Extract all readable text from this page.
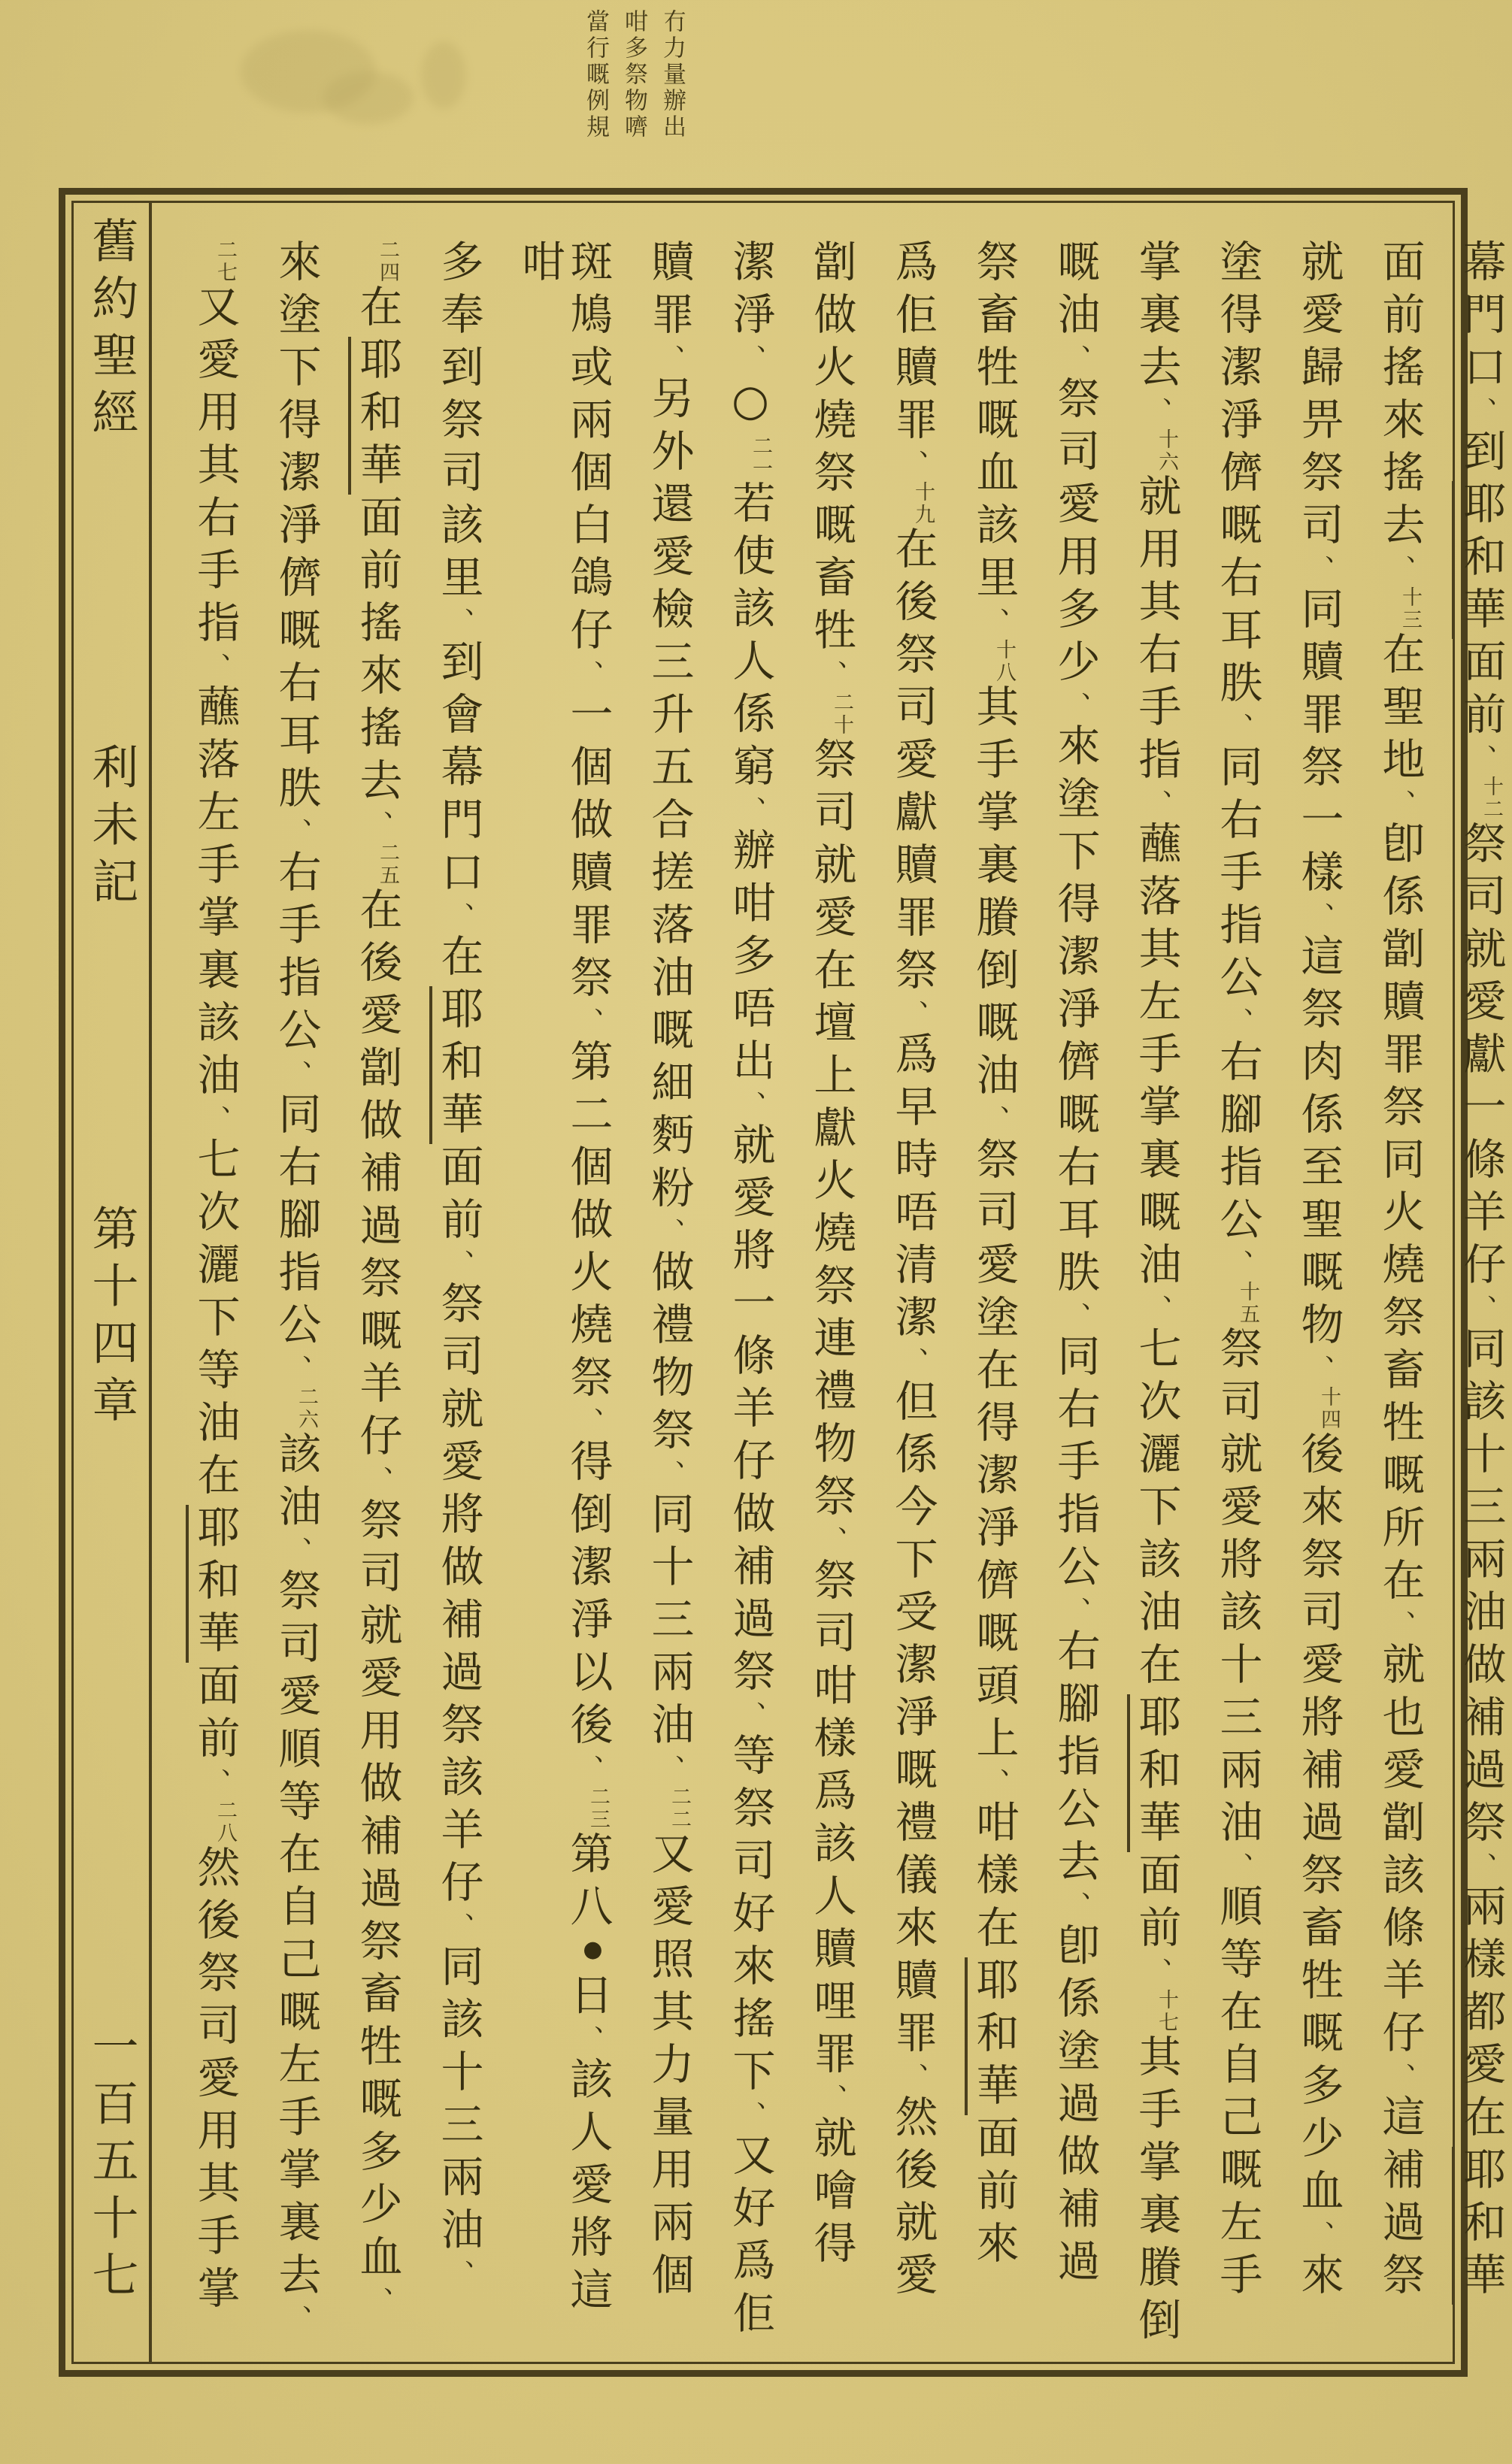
冇力量辦出
咁多祭物嚌
當行嘅例規
舊約聖經
利未記
第十四章
一百五十七
幕門口、到耶和華面前、十二祭司就愛獻一條羊仔、同該十三兩油做補過祭、兩樣都愛在耶和華
面前搖來搖去、十三在聖地、卽係劏贖罪祭同火燒祭畜牲嘅所在、就也愛劏該條羊仔、這補過祭
就愛歸畀祭司、同贖罪祭一樣、這祭肉係至聖嘅物、十四後來祭司愛將補過祭畜牲嘅多少血、來
塗得潔淨儕嘅右耳胅、同右手指公、右腳指公、十五祭司就愛將該十三兩油、順等在自己嘅左手
掌裏去、十六就用其右手指、蘸落其左手掌裏嘅油、七次灑下該油在耶和華面前、十七其手掌裏賸倒
嘅油、祭司愛用多少、來塗下得潔淨儕嘅右耳胅、同右手指公、右腳指公去、卽係塗過做補過
祭畜牲嘅血該里、十八其手掌裏賸倒嘅油、祭司愛塗在得潔淨儕嘅頭上、咁樣在耶和華面前來
爲佢贖罪、十九在後祭司愛獻贖罪祭、爲早時唔清潔、但係今下受潔淨嘅禮儀來贖罪、然後就愛
劏做火燒祭嘅畜牲、二十祭司就愛在壇上獻火燒祭連禮物祭、祭司咁樣爲該人贖哩罪、就噲得
潔淨、○二一若使該人係窮、辦咁多唔出、就愛將一條羊仔做補過祭、等祭司好來搖下、又好爲佢
贖罪、另外還愛檢三升五合搓落油嘅細麪粉、做禮物祭、同十三兩油、二二又愛照其力量用兩個
斑鳩或兩個白鴿仔、一個做贖罪祭、第二個做火燒祭、得倒潔淨以後、二三第八●日、該人愛將這咁
多奉到祭司該里、到會幕門口、在耶和華面前、祭司就愛將做補過祭該羊仔、同該十三兩油、
二四在耶和華面前搖來搖去、二五在後愛劏做補過祭嘅羊仔、祭司就愛用做補過祭畜牲嘅多少血、
來塗下得潔淨儕嘅右耳胅、右手指公、同右腳指公、二六該油、祭司愛順等在自己嘅左手掌裏去、
二七又愛用其右手指、蘸落左手掌裏該油、七次灑下等油在耶和華面前、二八然後祭司愛用其手掌
